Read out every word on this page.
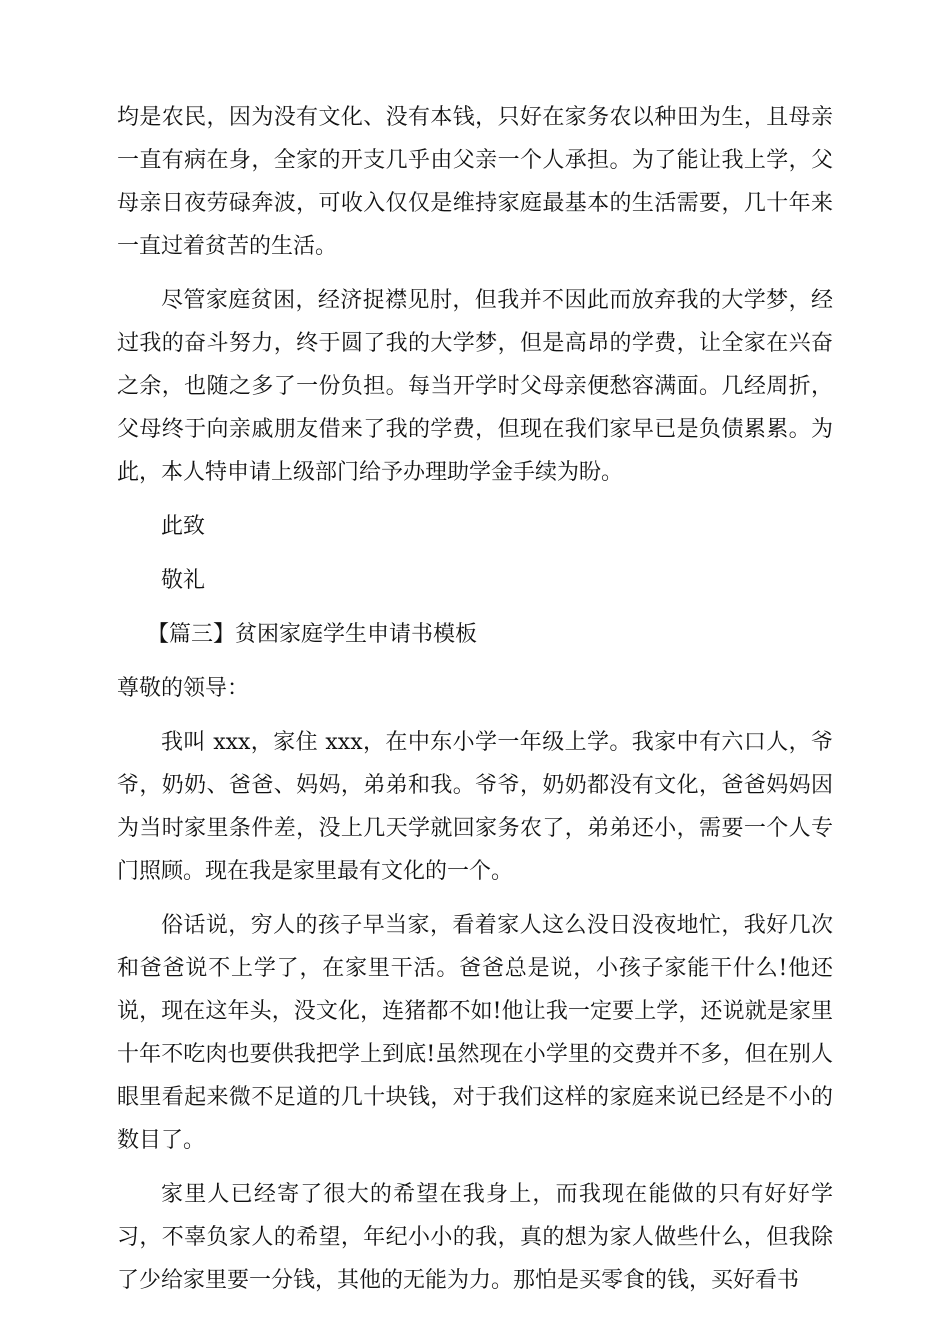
均是农民，因为没有文化、没有本钱，只好在家务农以种田为生，且母亲一直有病在身，全家的开支几乎由父亲一个人承担。为了能让我上学，父母亲日夜劳碌奔波，可收入仅仅是维持家庭最基本的生活需要，几十年来一直过着贫苦的生活。

尽管家庭贫困，经济捉襟见肘，但我并不因此而放弃我的大学梦，经过我的奋斗努力，终于圆了我的大学梦，但是高昂的学费，让全家在兴奋之余，也随之多了一份负担。每当开学时父母亲便愁容满面。几经周折，父母终于向亲戚朋友借来了我的学费，但现在我们家早已是负债累累。为此，本人特申请上级部门给予办理助学金手续为盼。

此致

敬礼

【篇三】贫困家庭学生申请书模板

尊敬的领导：

我叫 xxx，家住 xxx，在中东小学一年级上学。我家中有六口人，爷爷，奶奶、爸爸、妈妈，弟弟和我。爷爷，奶奶都没有文化，爸爸妈妈因为当时家里条件差，没上几天学就回家务农了，弟弟还小，需要一个人专门照顾。现在我是家里最有文化的一个。

俗话说，穷人的孩子早当家，看着家人这么没日没夜地忙，我好几次和爸爸说不上学了，在家里干活。爸爸总是说，小孩子家能干什么!他还说，现在这年头，没文化，连猪都不如!他让我一定要上学，还说就是家里十年不吃肉也要供我把学上到底!虽然现在小学里的交费并不多，但在别人眼里看起来微不足道的几十块钱，对于我们这样的家庭来说已经是不小的数目了。

家里人已经寄了很大的希望在我身上，而我现在能做的只有好好学习，不辜负家人的希望，年纪小小的我，真的想为家人做些什么，但我除了少给家里要一分钱，其他的无能为力。那怕是买零食的钱，买好看书
